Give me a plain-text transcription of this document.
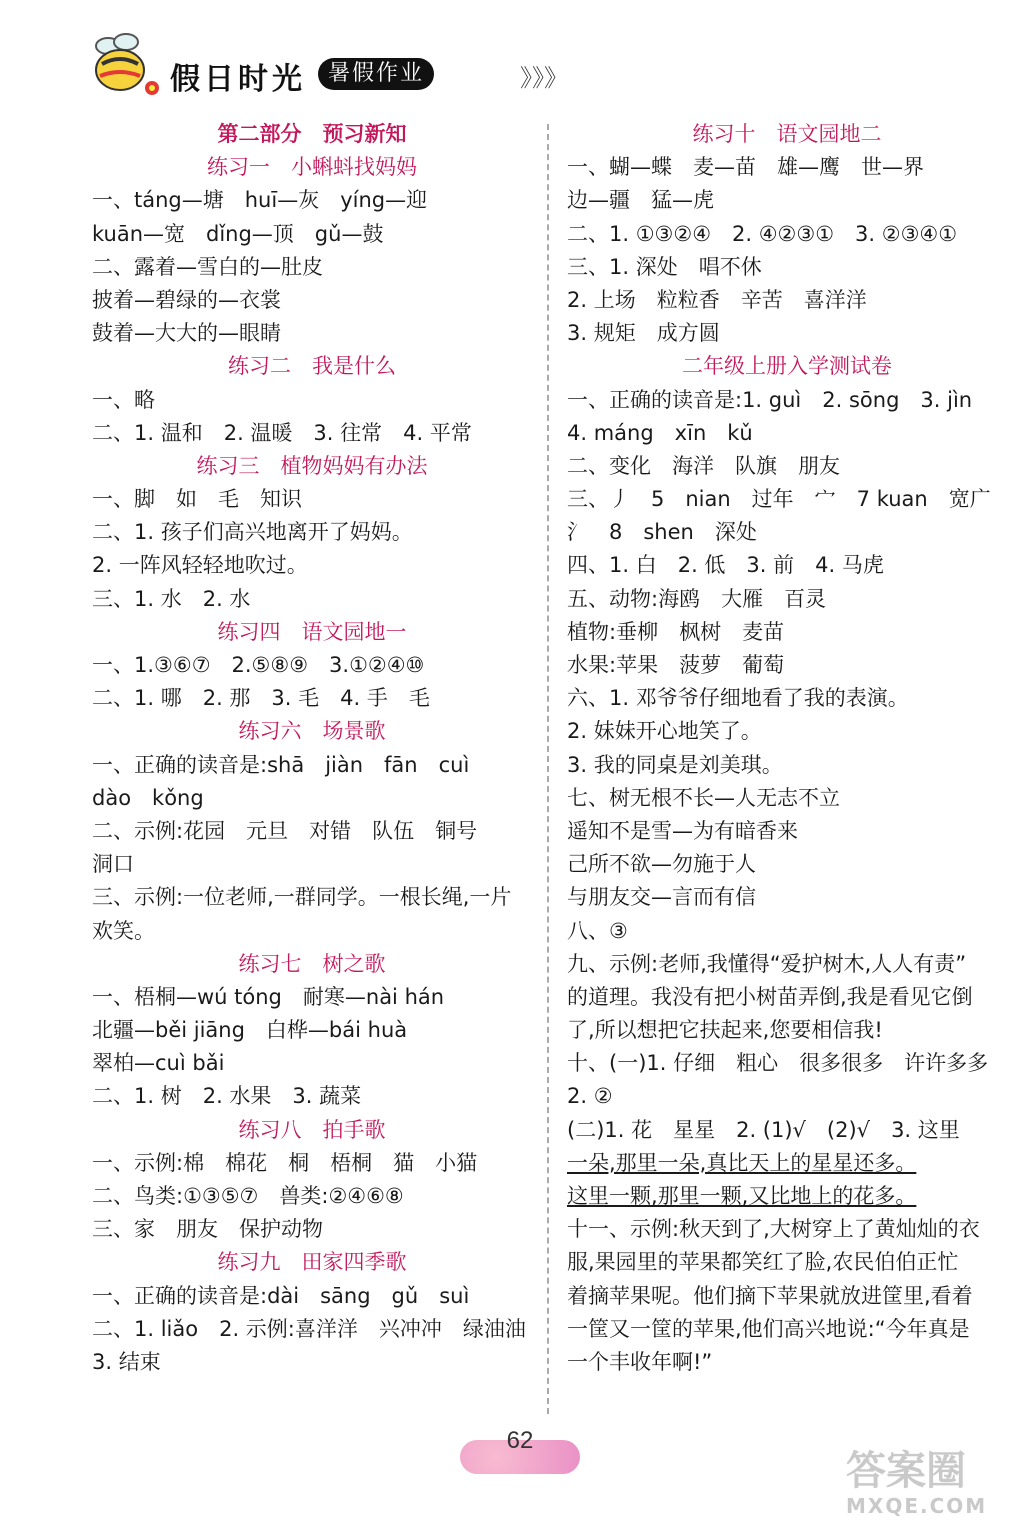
假日时光	暑假作业	》》》
第二部分　预习新知
练习一　小蝌蚪找妈妈
一、táng—塘　huī—灰　yíng—迎
kuān—宽　dǐng—顶　gǔ—鼓
二、露着—雪白的—肚皮
披着—碧绿的—衣裳
鼓着—大大的—眼睛
练习二　我是什么
一、略
二、1. 温和　2. 温暖　3. 往常　4. 平常
练习三　植物妈妈有办法
一、脚　如　毛　知识
二、1. 孩子们高兴地离开了妈妈。
2. 一阵风轻轻地吹过。
三、1. 水　2. 水
练习四　语文园地一
一、1.③⑥⑦　2.⑤⑧⑨　3.①②④⑩
二、1. 哪　2. 那　3. 毛　4. 手　毛
练习六　场景歌
一、正确的读音是:shā　jiàn　fān　cuì
dào　kǒng
二、示例:花园　元旦　对错　队伍　铜号
洞口
三、示例:一位老师,一群同学。一根长绳,一片
欢笑。
练习七　树之歌
一、梧桐—wú tóng　耐寒—nài hán
北疆—běi jiāng　白桦—bái huà
翠柏—cuì bǎi
二、1. 树　2. 水果　3. 蔬菜
练习八　拍手歌
一、示例:棉　棉花　桐　梧桐　猫　小猫
二、鸟类:①③⑤⑦　兽类:②④⑥⑧
三、家　朋友　保护动物
练习九　田家四季歌
一、正确的读音是:dài　sāng　gǔ　suì
二、1. liǎo　2. 示例:喜洋洋　兴冲冲　绿油油
3. 结束
练习十　语文园地二
一、蝴—蝶　麦—苗　雄—鹰　世—界
边—疆　猛—虎
二、1. ①③②④　2. ④②③①　3. ②③④①
三、1. 深处　唱不休
2. 上场　粒粒香　辛苦　喜洋洋
3. 规矩　成方圆
二年级上册入学测试卷
一、正确的读音是:1. guì　2. sōng　3. jìn
4. máng　xīn　kǔ
二、变化　海洋　队旗　朋友
三、丿　5　nian　过年　宀　7 kuan　宽广
氵　8　shen　深处
四、1. 白　2. 低　3. 前　4. 马虎
五、动物:海鸥　大雁　百灵
植物:垂柳　枫树　麦苗
水果:苹果　菠萝　葡萄
六、1. 邓爷爷仔细地看了我的表演。
2. 妹妹开心地笑了。
3. 我的同桌是刘美琪。
七、树无根不长—人无志不立
遥知不是雪—为有暗香来
己所不欲—勿施于人
与朋友交—言而有信
八、③
九、示例:老师,我懂得“爱护树木,人人有责”
的道理。我没有把小树苗弄倒,我是看见它倒
了,所以想把它扶起来,您要相信我!
十、(一)1. 仔细　粗心　很多很多　许许多多
2. ②
(二)1. 花　星星　2. (1)√　(2)√　3. 这里
一朵,那里一朵,真比天上的星星还多。
这里一颗,那里一颗,又比地上的花多。
十一、示例:秋天到了,大树穿上了黄灿灿的衣
服,果园里的苹果都笑红了脸,农民伯伯正忙
着摘苹果呢。他们摘下苹果就放进筐里,看着
一筐又一筐的苹果,他们高兴地说:“今年真是
一个丰收年啊!”
62
答案圈
MXQE.COM
